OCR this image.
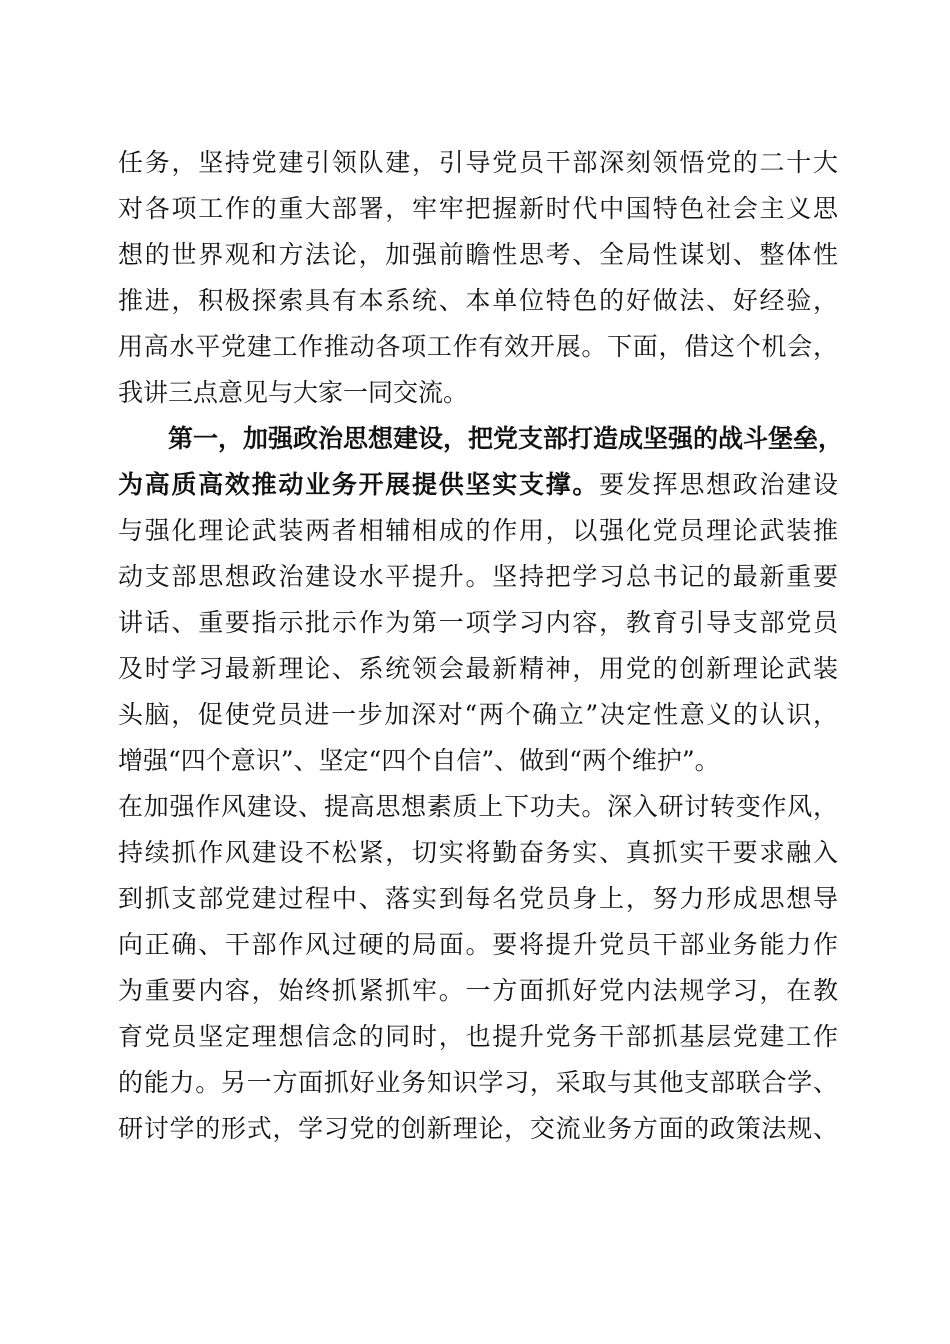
任务，坚持党建引领队建，引导党员干部深刻领悟党的二十大
对各项工作的重大部署，牢牢把握新时代中国特色社会主义思
想的世界观和方法论，加强前瞻性思考、全局性谋划、整体性
推进，积极探索具有本系统、本单位特色的好做法、好经验，
用高水平党建工作推动各项工作有效开展。下面，借这个机会，
我讲三点意见与大家一同交流。
第一，加强政治思想建设，把党支部打造成坚强的战斗堡垒，
为高质高效推动业务开展提供坚实支撑。要发挥思想政治建设
与强化理论武装两者相辅相成的作用，以强化党员理论武装推
动支部思想政治建设水平提升。坚持把学习总书记的最新重要
讲话、重要指示批示作为第一项学习内容，教育引导支部党员
及时学习最新理论、系统领会最新精神，用党的创新理论武装
头脑，促使党员进一步加深对“两个确立”决定性意义的认识，
增强“四个意识”、坚定“四个自信”、做到“两个维护”。
在加强作风建设、提高思想素质上下功夫。深入研讨转变作风，
持续抓作风建设不松紧，切实将勤奋务实、真抓实干要求融入
到抓支部党建过程中、落实到每名党员身上，努力形成思想导
向正确、干部作风过硬的局面。要将提升党员干部业务能力作
为重要内容，始终抓紧抓牢。一方面抓好党内法规学习，在教
育党员坚定理想信念的同时，也提升党务干部抓基层党建工作
的能力。另一方面抓好业务知识学习，采取与其他支部联合学、
研讨学的形式，学习党的创新理论，交流业务方面的政策法规、
